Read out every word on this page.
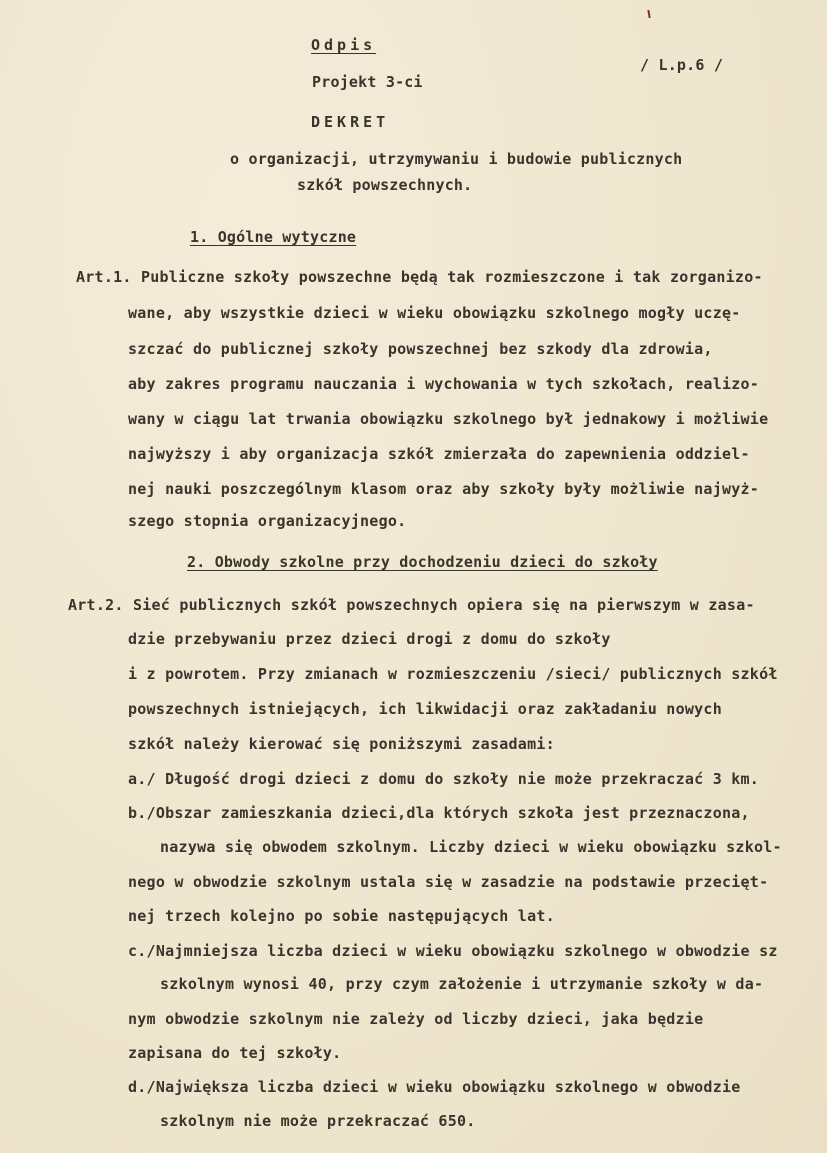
Odpis
Projekt 3-ci
/ L.p.6 /
DEKRET
o organizacji, utrzymywaniu i budowie publicznych
szkół powszechnych.
1. Ogólne wytyczne
Art.1. Publiczne szkoły powszechne będą tak rozmieszczone i tak zorganizo-
wane, aby wszystkie dzieci w wieku obowiązku szkolnego mogły uczę-
szczać do publicznej szkoły powszechnej bez szkody dla zdrowia,
aby zakres programu nauczania i wychowania w tych szkołach, realizo-
wany w ciągu lat trwania obowiązku szkolnego był jednakowy i możliwie
najwyższy i aby organizacja szkół zmierzała do zapewnienia oddziel-
nej nauki poszczególnym klasom oraz aby szkoły były możliwie najwyż-
szego stopnia organizacyjnego.
2. Obwody szkolne przy dochodzeniu dzieci do szkoły
Art.2. Sieć publicznych szkół powszechnych opiera się na pierwszym w zasa-
dzie przebywaniu przez dzieci drogi z domu do szkoły
i z powrotem. Przy zmianach w rozmieszczeniu /sieci/ publicznych szkół
powszechnych istniejących, ich likwidacji oraz zakładaniu nowych
szkół należy kierować się poniższymi zasadami:
a./ Długość drogi dzieci z domu do szkoły nie może przekraczać 3 km.
b./Obszar zamieszkania dzieci,dla których szkoła jest przeznaczona,
nazywa się obwodem szkolnym. Liczby dzieci w wieku obowiązku szkol-
nego w obwodzie szkolnym ustala się w zasadzie na podstawie przecięt-
nej trzech kolejno po sobie następujących lat.
c./Najmniejsza liczba dzieci w wieku obowiązku szkolnego w obwodzie sz
szkolnym wynosi 40, przy czym założenie i utrzymanie szkoły w da-
nym obwodzie szkolnym nie zależy od liczby dzieci, jaka będzie
zapisana do tej szkoły.
d./Największa liczba dzieci w wieku obowiązku szkolnego w obwodzie
szkolnym nie może przekraczać 650.
